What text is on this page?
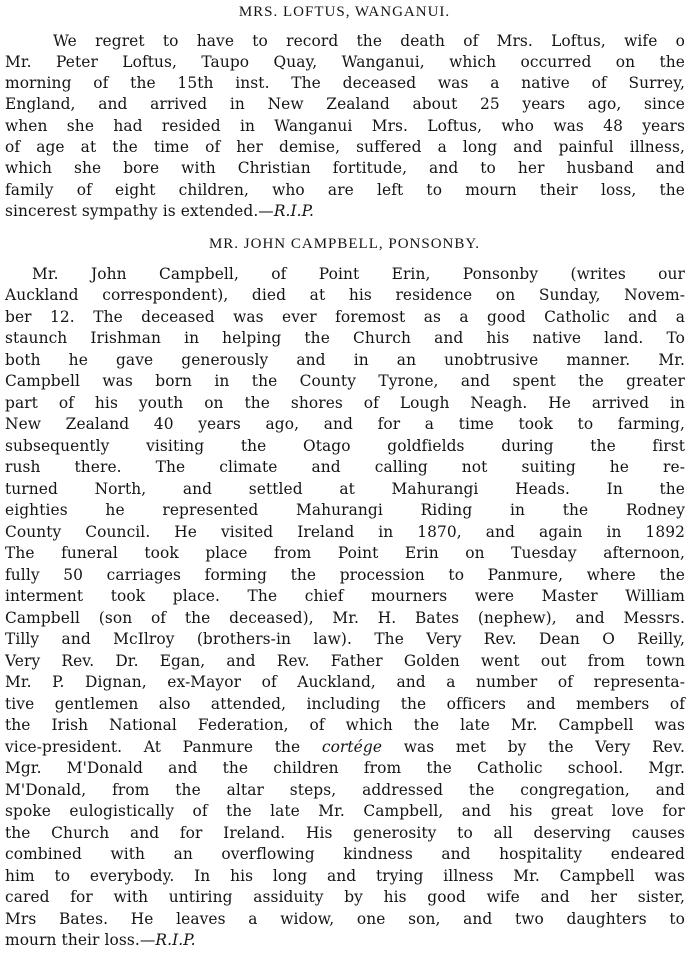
MRS. LOFTUS, WANGANUI.
We regret to have to record the death of Mrs. Loftus, wife o
Mr. Peter Loftus, Taupo Quay, Wanganui, which occurred on the
morning of the 15th inst. The deceased was a native of Surrey,
England, and arrived in New Zealand about 25 years ago, since
when she had resided in Wanganui Mrs. Loftus, who was 48 years
of age at the time of her demise, suffered a long and painful illness,
which she bore with Christian fortitude, and to her husband and
family of eight children, who are left to mourn their loss, the
sincerest sympathy is extended.—R.I.P.
MR. JOHN CAMPBELL, PONSONBY.
Mr. John Campbell, of Point Erin, Ponsonby (writes our
Auckland correspondent), died at his residence on Sunday, Novem-
ber 12. The deceased was ever foremost as a good Catholic and a
staunch Irishman in helping the Church and his native land. To
both he gave generously and in an unobtrusive manner. Mr.
Campbell was born in the County Tyrone, and spent the greater
part of his youth on the shores of Lough Neagh. He arrived in
New Zealand 40 years ago, and for a time took to farming,
subsequently visiting the Otago goldfields during the first
rush there. The climate and calling not suiting he re-
turned North, and settled at Mahurangi Heads. In the
eighties he represented Mahurangi Riding in the Rodney
County Council. He visited Ireland in 1870, and again in 1892
The funeral took place from Point Erin on Tuesday afternoon,
fully 50 carriages forming the procession to Panmure, where the
interment took place. The chief mourners were Master William
Campbell (son of the deceased), Mr. H. Bates (nephew), and Messrs.
Tilly and McIlroy (brothers-in law). The Very Rev. Dean O Reilly,
Very Rev. Dr. Egan, and Rev. Father Golden went out from town
Mr. P. Dignan, ex-Mayor of Auckland, and a number of representa-
tive gentlemen also attended, including the officers and members of
the Irish National Federation, of which the late Mr. Campbell was
vice-president. At Panmure the cortége was met by the Very Rev.
Mgr. M'Donald and the children from the Catholic school. Mgr.
M'Donald, from the altar steps, addressed the congregation, and
spoke eulogistically of the late Mr. Campbell, and his great love for
the Church and for Ireland. His generosity to all deserving causes
combined with an overflowing kindness and hospitality endeared
him to everybody. In his long and trying illness Mr. Campbell was
cared for with untiring assiduity by his good wife and her sister,
Mrs Bates. He leaves a widow, one son, and two daughters to
mourn their loss.—R.I.P.
